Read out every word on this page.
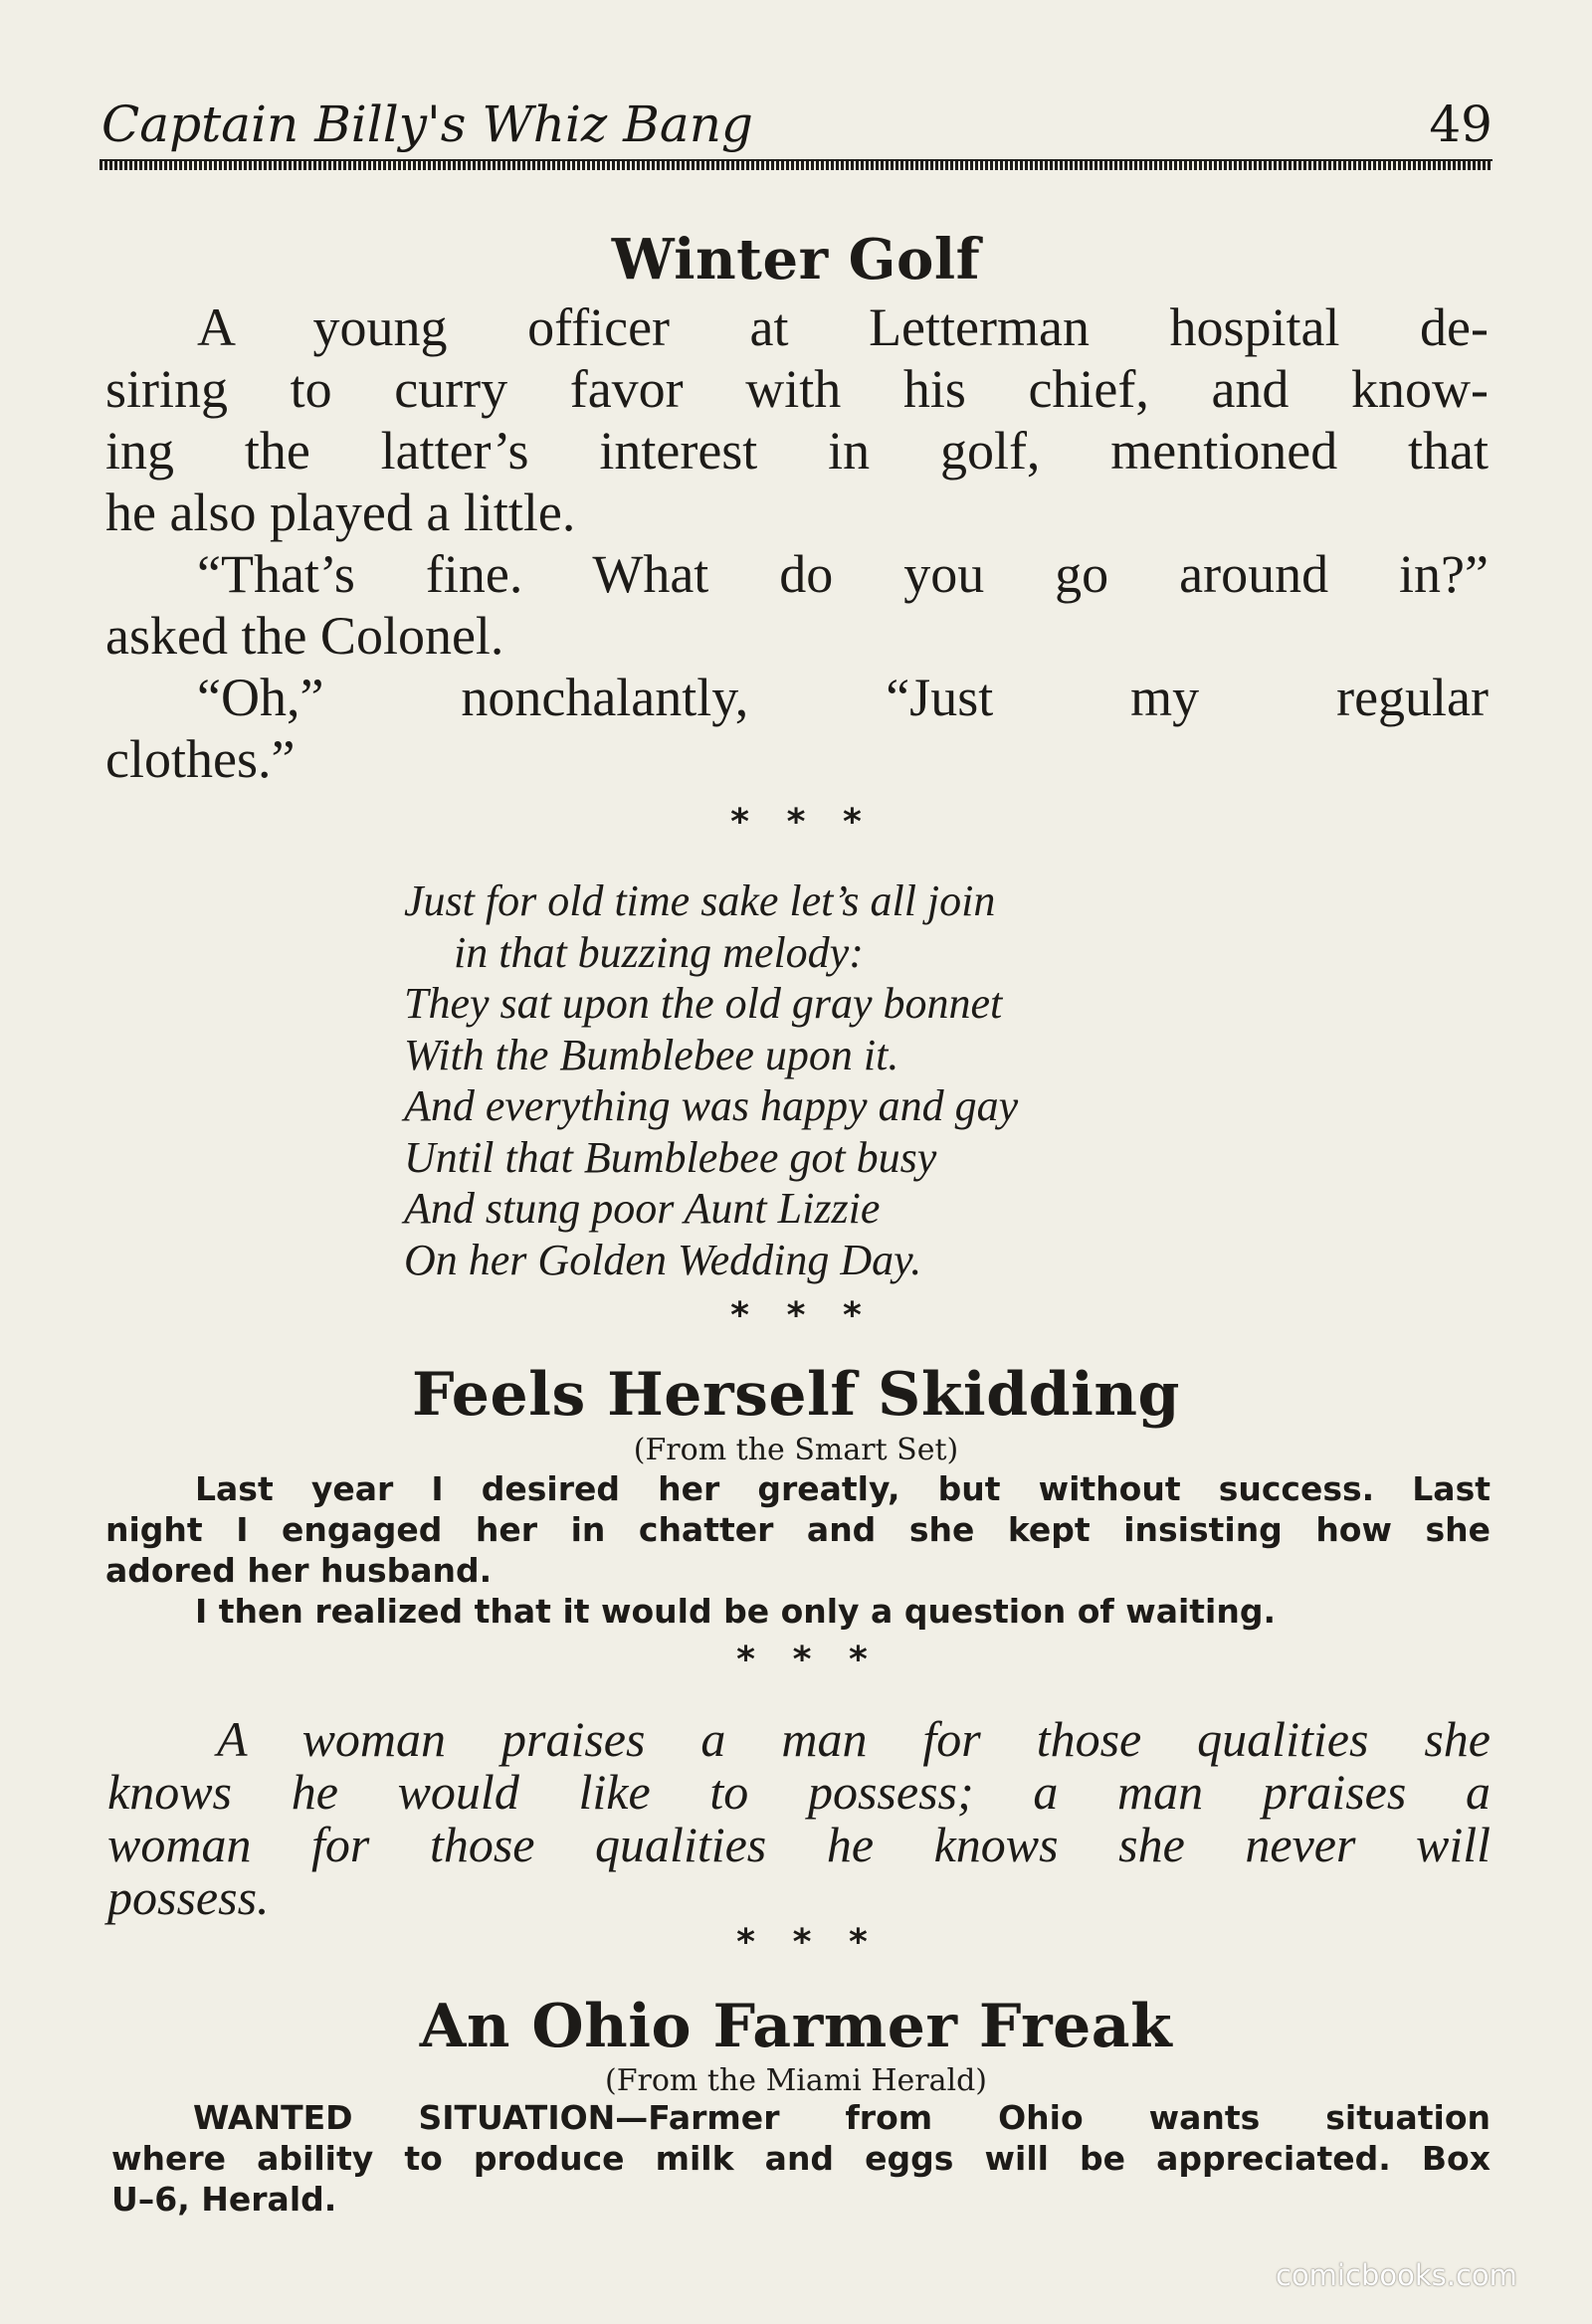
Captain Billy's Whiz Bang	49
Winter Golf
A young officer at Letterman hospital de-
siring to curry favor with his chief, and know-
ing the latter’s interest in golf, mentioned that
he also played a little.
“That’s fine. What do you go around in?”
asked the Colonel.
“Oh,” nonchalantly, “Just my regular
clothes.”
*   *   *
Just for old time sake let’s all join
in that buzzing melody:
They sat upon the old gray bonnet
With the Bumblebee upon it.
And everything was happy and gay
Until that Bumblebee got busy
And stung poor Aunt Lizzie
On her Golden Wedding Day.
*   *   *
Feels Herself Skidding
(From the Smart Set)
Last year I desired her greatly, but without success. Last
night I engaged her in chatter and she kept insisting how she
adored her husband.
I then realized that it would be only a question of waiting.
*   *   *
A woman praises a man for those qualities she
knows he would like to possess; a man praises a
woman for those qualities he knows she never will
possess.
*   *   *
An Ohio Farmer Freak
(From the Miami Herald)
WANTED SITUATION—Farmer from Ohio wants situation
where ability to produce milk and eggs will be appreciated. Box
U–6, Herald.
comicbooks.com
